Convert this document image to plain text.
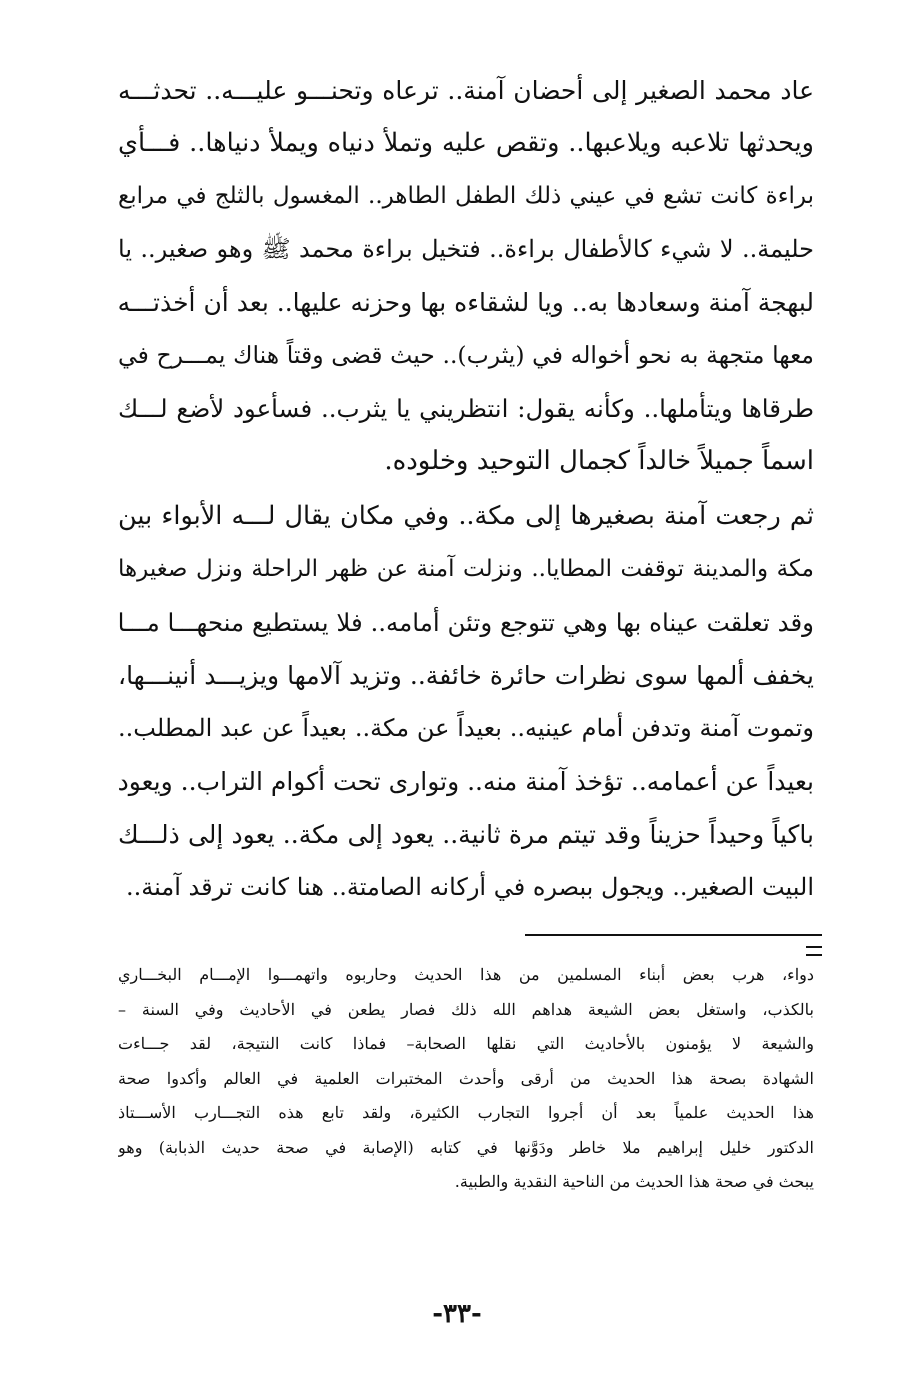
عاد محمد الصغير إلى أحضان آمنة.. ترعاه وتحنـــو عليـــه.. تحدثـــه
ويحدثها تلاعبه ويلاعبها.. وتقص عليه وتملأ دنياه ويملأ دنياها.. فـــأي
براءة كانت تشع في عيني ذلك الطفل الطاهر.. المغسول بالثلج في مرابع
حليمة.. لا شيء كالأطفال براءة.. فتخيل براءة محمد ﷺ وهو صغير.. يا
لبهجة آمنة وسعادها به.. ويا لشقاءه بها وحزنه عليها.. بعد أن أخذتـــه
معها متجهة به نحو أخواله في (يثرب).. حيث قضى وقتاً هناك يمـــرح في
طرقاها ويتأملها.. وكأنه يقول: انتظريني يا يثرب.. فسأعود لأضع لـــك
اسماً جميلاً خالداً كجمال التوحيد وخلوده.
ثم رجعت آمنة بصغيرها إلى مكة.. وفي مكان يقال لـــه الأبواء بين
مكة والمدينة توقفت المطايا.. ونزلت آمنة عن ظهر الراحلة ونزل صغيرها
وقد تعلقت عيناه بها وهي تتوجع وتئن أمامه.. فلا يستطيع منحهـــا مـــا
يخفف ألمها سوى نظرات حائرة خائفة.. وتزيد آلامها ويزيـــد أنينـــها،
وتموت آمنة وتدفن أمام عينيه.. بعيداً عن مكة.. بعيداً عن عبد المطلب..
بعيداً عن أعمامه.. تؤخذ آمنة منه.. وتوارى تحت أكوام التراب.. ويعود
باكياً وحيداً حزيناً وقد تيتم مرة ثانية.. يعود إلى مكة.. يعود إلى ذلـــك
البيت الصغير.. ويجول ببصره في أركانه الصامتة.. هنا كانت ترقد آمنة..
دواء، هرب بعض أبناء المسلمين من هذا الحديث وحاربوه واتهمـــوا الإمـــام البخـــاري
بالكذب، واستغل بعض الشيعة هداهم الله ذلك فصار يطعن في الأحاديث وفي السنة –
والشيعة لا يؤمنون بالأحاديث التي نقلها الصحابة– فماذا كانت النتيجة، لقد جـــاءت
الشهادة بصحة هذا الحديث من أرقى وأحدث المختبرات العلمية في العالم وأكدوا صحة
هذا الحديث علمياً بعد أن أجروا التجارب الكثيرة، ولقد تابع هذه التجـــارب الأســـتاذ
الدكتور خليل إبراهيم ملا خاطر ودَوَّنها في كتابه (الإصابة في صحة حديث الذبابة) وهو
يبحث في صحة هذا الحديث من الناحية النقدية والطبية.
-٣٣-
